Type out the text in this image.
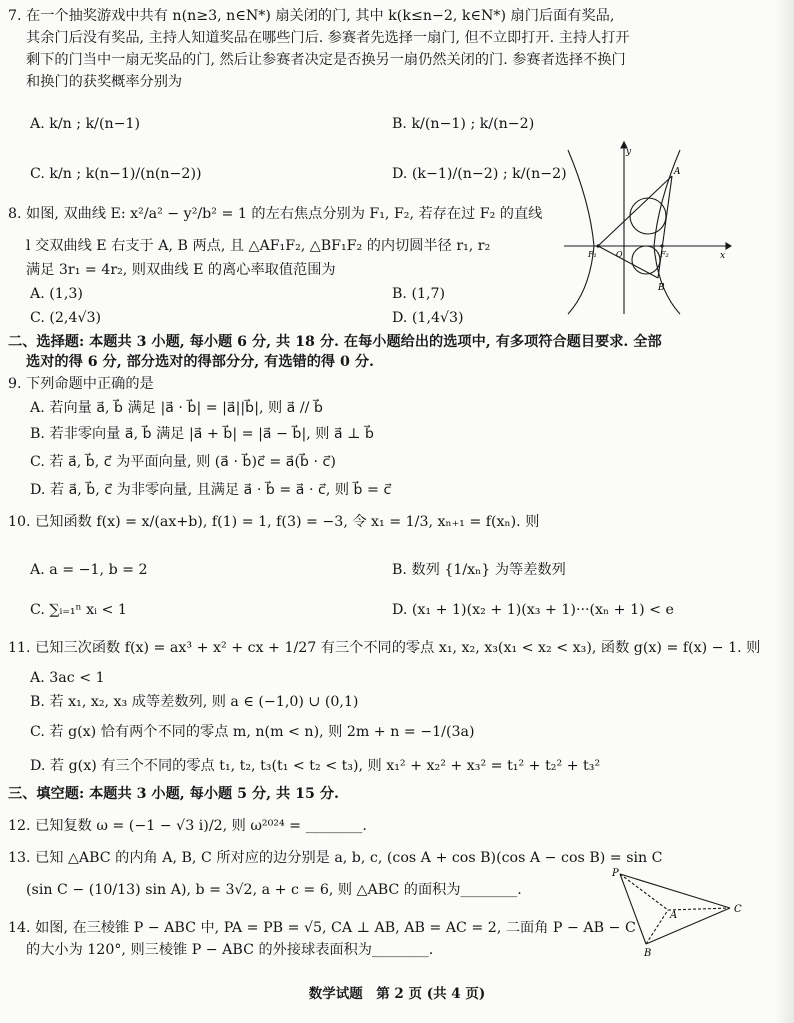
7. 在一个抽奖游戏中共有 n(n≥3, n∈N*) 扇关闭的门, 其中 k(k≤n−2, k∈N*) 扇门后面有奖品,
其余门后没有奖品, 主持人知道奖品在哪些门后. 参赛者先选择一扇门, 但不立即打开. 主持人打开
剩下的门当中一扇无奖品的门, 然后让参赛者决定是否换另一扇仍然关闭的门. 参赛者选择不换门
和换门的获奖概率分别为
A. k/n ; k/(n−1)	B. k/(n−1) ; k/(n−2)
C. k/n ; k(n−1)/(n(n−2))	D. (k−1)/(n−2) ; k/(n−2)
8. 如图, 双曲线 E: x²/a² − y²/b² = 1 的左右焦点分别为 F₁, F₂, 若存在过 F₂ 的直线
l 交双曲线 E 右支于 A, B 两点, 且 △AF₁F₂, △BF₁F₂ 的内切圆半径 r₁, r₂
满足 3r₁ = 4r₂, 则双曲线 E 的离心率取值范围为
A. (1,3)	B. (1,7)
C. (2,4√3)	D. (1,4√3)
y
x
A
B
F₁	F₂
O
二、选择题: 本题共 3 小题, 每小题 6 分, 共 18 分. 在每小题给出的选项中, 有多项符合题目要求. 全部
选对的得 6 分, 部分选对的得部分分, 有选错的得 0 分.
9. 下列命题中正确的是
A. 若向量 a⃗, b⃗ 满足 |a⃗ · b⃗| = |a⃗||b⃗|, 则 a⃗ // b⃗
B. 若非零向量 a⃗, b⃗ 满足 |a⃗ + b⃗| = |a⃗ − b⃗|, 则 a⃗ ⊥ b⃗
C. 若 a⃗, b⃗, c⃗ 为平面向量, 则 (a⃗ · b⃗)c⃗ = a⃗(b⃗ · c⃗)
D. 若 a⃗, b⃗, c⃗ 为非零向量, 且满足 a⃗ · b⃗ = a⃗ · c⃗, 则 b⃗ = c⃗
10. 已知函数 f(x) = x/(ax+b), f(1) = 1, f(3) = −3, 令 x₁ = 1/3, xₙ₊₁ = f(xₙ). 则
A. a = −1, b = 2	B. 数列 {1/xₙ} 为等差数列
C. ∑ᵢ₌₁ⁿ xᵢ < 1	D. (x₁ + 1)(x₂ + 1)(x₃ + 1)···(xₙ + 1) < e
11. 已知三次函数 f(x) = ax³ + x² + cx + 1/27 有三个不同的零点 x₁, x₂, x₃(x₁ < x₂ < x₃), 函数 g(x) = f(x) − 1. 则
A. 3ac < 1
B. 若 x₁, x₂, x₃ 成等差数列, 则 a ∈ (−1,0) ∪ (0,1)
C. 若 g(x) 恰有两个不同的零点 m, n(m < n), 则 2m + n = −1/(3a)
D. 若 g(x) 有三个不同的零点 t₁, t₂, t₃(t₁ < t₂ < t₃), 则 x₁² + x₂² + x₃² = t₁² + t₂² + t₃²
三、填空题: 本题共 3 小题, 每小题 5 分, 共 15 分.
12. 已知复数 ω = (−1 − √3 i)/2, 则 ω²⁰²⁴ = ________.
13. 已知 △ABC 的内角 A, B, C 所对应的边分别是 a, b, c, (cos A + cos B)(cos A − cos B) = sin C
(sin C − (10/13) sin A), b = 3√2, a + c = 6, 则 △ABC 的面积为________.
14. 如图, 在三棱锥 P − ABC 中, PA = PB = √5, CA ⊥ AB, AB = AC = 2, 二面角 P − AB − C
的大小为 120°, 则三棱锥 P − ABC 的外接球表面积为________.
P
A
B
C
数学试题　第 2 页 (共 4 页)
